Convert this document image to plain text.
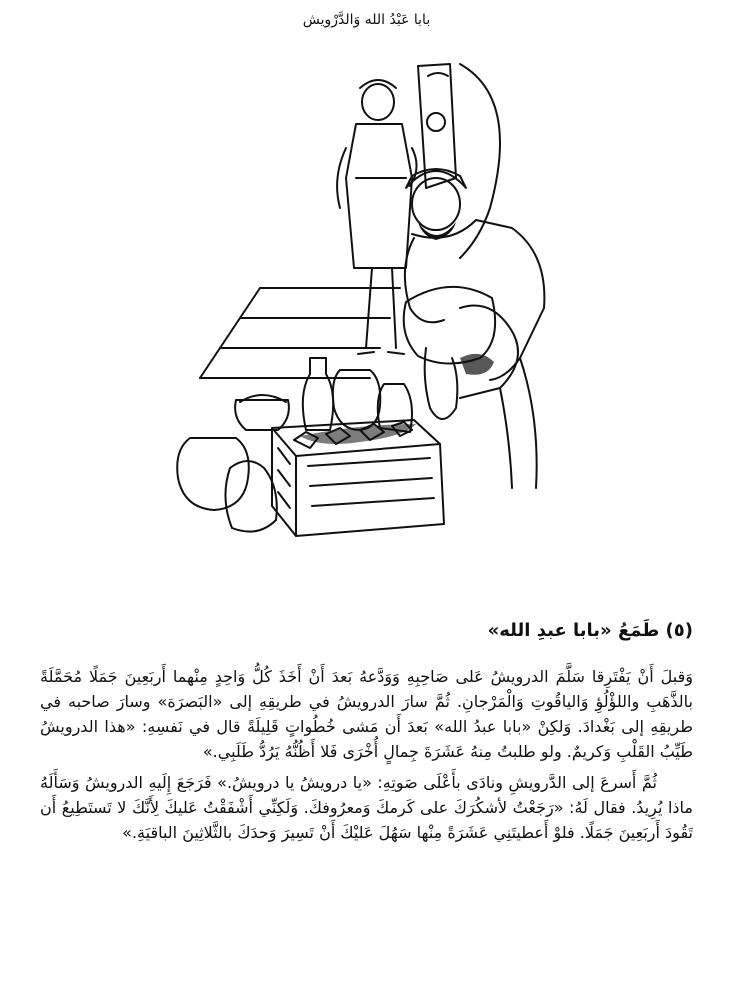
بابا عَبْدُ الله وَالدَّرْويش
(٥) طَمَعُ «بابا عبدِ الله»

وَقبلَ أَنْ يَفْتَرِقا سَلَّمَ الدرويشُ عَلى صَاحِبِهِ وَوَدَّعهُ بَعدَ أَنْ أَخَذَ كُلُّ وَاحِدٍ مِنْهما أَربَعِينَ جَمَلًا مُحَمَّلَةً بالذَّهَبِ واللؤْلُؤِ وَالياقُوتِ وَالْمَرْجانِ. ثُمَّ سارَ الدرويشُ في طريقِهِ إلى «البَصرَة» وسارَ صاحبه في طريقِهِ إلى بَغْدادَ. وَلكِنْ «بابا عبدُ الله» بَعدَ أَن مَشى خُطُواتٍ قَلِيلَةً قال في نَفسِهِ: «هذا الدرويشُ طَيِّبُ القَلْبِ وَكريمٌ. ولو طلبتُ مِنهُ عَشَرَةَ جِمالٍ أُخْرَى فَلا أَظُنُّهُ يَرُدُّ طَلَبِي.»

ثُمَّ أَسرعَ إلى الدَّرويشِ ونادَى بأَعْلَى صَوتِهِ: «يا درويشُ يا درويشُ.» فَرَجَعَ إِلَيهِ الدرويشُ وَسَأَلَهُ ماذا يُرِيدُ. فقال لَهُ: «رَجَعْتُ لأشكُرَكَ على كَرمكَ وَمعرُوفكَ. وَلَكِنِّي أَشْفَقْتُ عَليكَ لِأَنَّكَ لا تَستَطِيعُ أَن تَقُودَ أَربَعِينَ جَمَلًا. فلوْ أَعطيتَنِي عَشَرَةً مِنْها سَهُلَ عَليْكَ أَنْ تَسِيرَ وَحدَكَ بالثَّلاثِينَ الباقيَةِ.»
